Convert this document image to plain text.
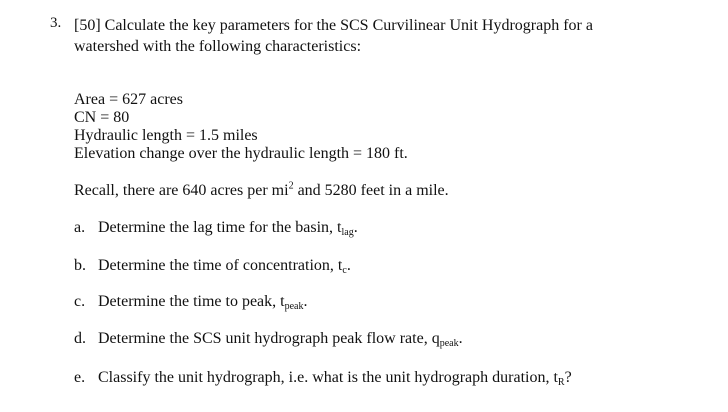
3. [50] Calculate the key parameters for the SCS Curvilinear Unit Hydrograph for a watershed with the following characteristics:
Area = 627 acres
CN = 80
Hydraulic length = 1.5 miles
Elevation change over the hydraulic length = 180 ft.
Recall, there are 640 acres per $mi^2$ and 5280 feet in a mile.
a. Determine the lag time for the basin, $t_{lag}$.
b. Determine the time of concentration, $t_c$.
c. Determine the time to peak, $t_{peak}$.
d. Determine the SCS unit hydrograph peak flow rate, $q_{peak}$.
e. Classify the unit hydrograph, i.e. what is the unit hydrograph duration, $t_R$?
